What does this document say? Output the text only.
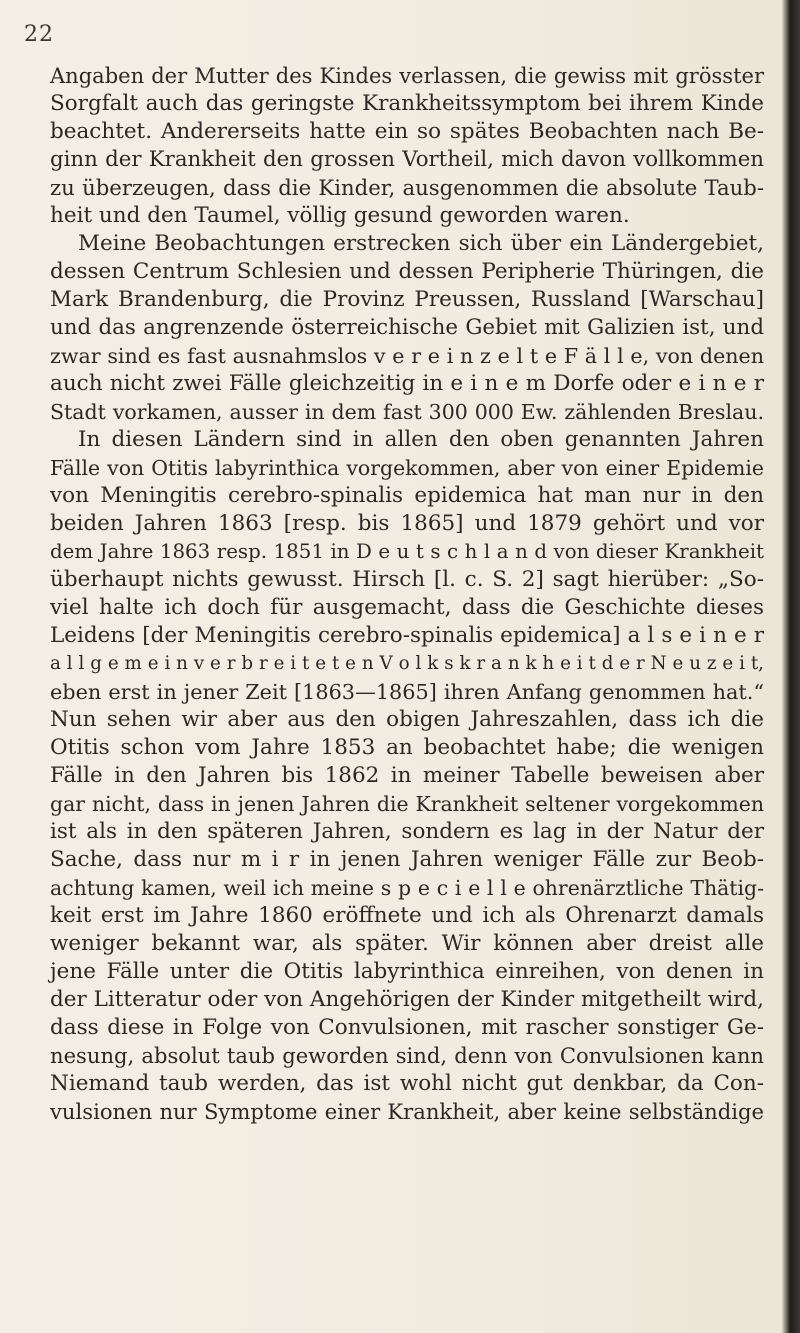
22
Angaben der Mutter des Kindes verlassen, die gewiss mit grösster
Sorgfalt auch das geringste Krankheitssymptom bei ihrem Kinde
beachtet. Andererseits hatte ein so spätes Beobachten nach Be-
ginn der Krankheit den grossen Vortheil, mich davon vollkommen
zu überzeugen, dass die Kinder, ausgenommen die absolute Taub-
heit und den Taumel, völlig gesund geworden waren.
Meine Beobachtungen erstrecken sich über ein Ländergebiet,
dessen Centrum Schlesien und dessen Peripherie Thüringen, die
Mark Brandenburg, die Provinz Preussen, Russland [Warschau]
und das angrenzende österreichische Gebiet mit Galizien ist, und
zwar sind es fast ausnahmslos v e r e i n z e l t e F ä l l e, von denen
auch nicht zwei Fälle gleichzeitig in e i n e m Dorfe oder e i n e r
Stadt vorkamen, ausser in dem fast 300 000 Ew. zählenden Breslau.
In diesen Ländern sind in allen den oben genannten Jahren
Fälle von Otitis labyrinthica vorgekommen, aber von einer Epidemie
von Meningitis cerebro-spinalis epidemica hat man nur in den
beiden Jahren 1863 [resp. bis 1865] und 1879 gehört und vor
dem Jahre 1863 resp. 1851 in D e u t s c h l a n d von dieser Krankheit
überhaupt nichts gewusst. Hirsch [l. c. S. 2] sagt hierüber: „So-
viel halte ich doch für ausgemacht, dass die Geschichte dieses
Leidens [der Meningitis cerebro-spinalis epidemica] a l s e i n e r
a l l g e m e i n v e r b r e i t e t e n V o l k s k r a n k h e i t d e r N e u z e i t,
eben erst in jener Zeit [1863—1865] ihren Anfang genommen hat.“
Nun sehen wir aber aus den obigen Jahreszahlen, dass ich die
Otitis schon vom Jahre 1853 an beobachtet habe; die wenigen
Fälle in den Jahren bis 1862 in meiner Tabelle beweisen aber
gar nicht, dass in jenen Jahren die Krankheit seltener vorgekommen
ist als in den späteren Jahren, sondern es lag in der Natur der
Sache, dass nur m i r in jenen Jahren weniger Fälle zur Beob-
achtung kamen, weil ich meine s p e c i e l l e ohrenärztliche Thätig-
keit erst im Jahre 1860 eröffnete und ich als Ohrenarzt damals
weniger bekannt war, als später. Wir können aber dreist alle
jene Fälle unter die Otitis labyrinthica einreihen, von denen in
der Litteratur oder von Angehörigen der Kinder mitgetheilt wird,
dass diese in Folge von Convulsionen, mit rascher sonstiger Ge-
nesung, absolut taub geworden sind, denn von Convulsionen kann
Niemand taub werden, das ist wohl nicht gut denkbar, da Con-
vulsionen nur Symptome einer Krankheit, aber keine selbständige
